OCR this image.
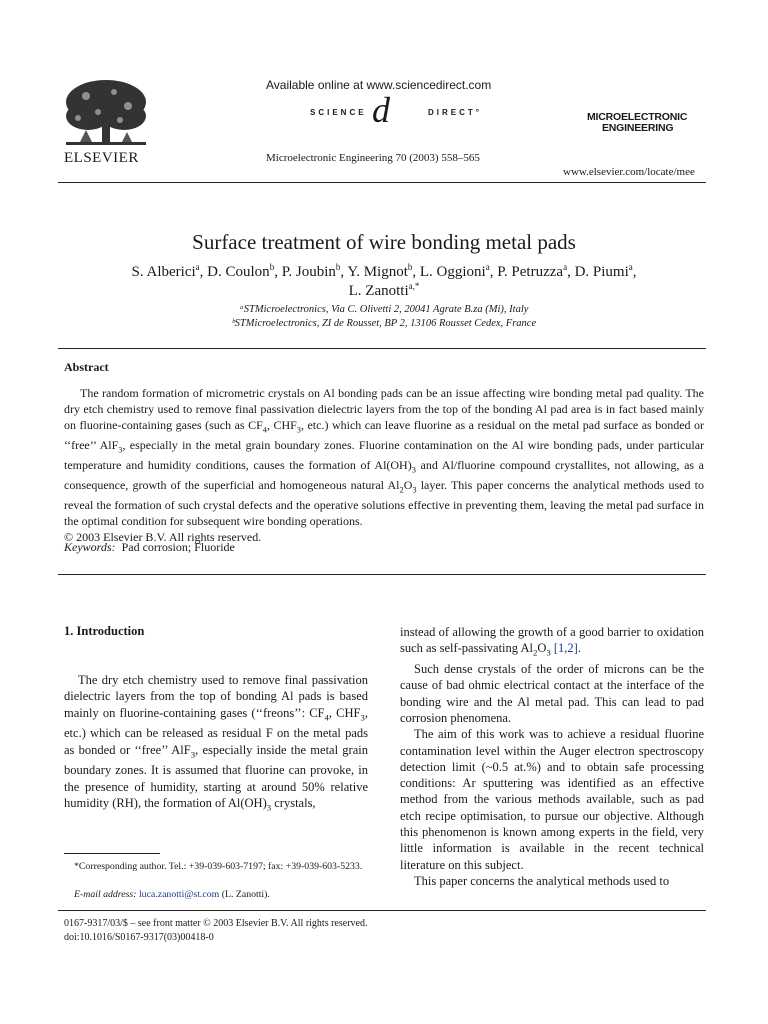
ELSEVIER
Available online at www.sciencedirect.com
SCIENCE d	DIRECT°
Microelectronic Engineering 70 (2003) 558–565
MICROELECTRONIC
ENGINEERING
www.elsevier.com/locate/mee
Surface treatment of wire bonding metal pads
S. Alberici$^a$, D. Coulon$^b$, P. Joubin$^b$, Y. Mignot$^b$, L. Oggioni$^a$, P. Petruzza$^a$, D. Piumi$^a$,
L. Zanotti$^{a,*}$
ᵃSTMicroelectronics, Via C. Olivetti 2, 20041 Agrate B.za (Mi), Italy
ᵇSTMicroelectronics, ZI de Rousset, BP 2, 13106 Rousset Cedex, France
Abstract
The random formation of micrometric crystals on Al bonding pads can be an issue affecting wire bonding metal pad quality. The dry etch chemistry used to remove final passivation dielectric layers from the top of the bonding Al pad area is in fact based mainly on fluorine-containing gases (such as $CF_4$, $CHF_3$, etc.) which can leave fluorine as a residual on the metal pad surface as bonded or ‘‘free’’ AlF$_3$, especially in the metal grain boundary zones. Fluorine contamination on the Al wire bonding pads, under particular temperature and humidity conditions, causes the formation of $Al(OH)_3$ and Al/fluorine compound crystallites, not allowing, as a consequence, growth of the superficial and homogeneous natural $Al_2O_3$ layer. This paper concerns the analytical methods used to reveal the formation of such crystal defects and the operative solutions effective in preventing them, leaving the metal pad surface in the optimal condition for subsequent wire bonding operations.
© 2003 Elsevier B.V. All rights reserved.
Keywords: Pad corrosion; Fluoride
1. Introduction
The dry etch chemistry used to remove final passivation dielectric layers from the top of bonding Al pads is based mainly on fluorine-containing gases (‘‘freons’’: $CF_4$, $CHF_3$, etc.) which can be released as residual F on the metal pads as bonded or ‘‘free’’ AlF$_3$, especially inside the metal grain boundary zones. It is assumed that fluorine can provoke, in the presence of humidity, starting at around 50% relative humidity (RH), the formation of $Al(OH)_3$ crystals,
*Corresponding author. Tel.: +39-039-603-7197; fax: +39-039-603-5233.
E-mail address: luca.zanotti@st.com (L. Zanotti).

instead of allowing the growth of a good barrier to oxidation such as self-passivating $Al_2O_3$ [1,2].

Such dense crystals of the order of microns can be the cause of bad ohmic electrical contact at the interface of the bonding wire and the Al metal pad. This can lead to pad corrosion phenomena.

The aim of this work was to achieve a residual fluorine contamination level within the Auger electron spectroscopy detection limit (~0.5 at.%) and to obtain safe processing conditions: Ar sputtering was identified as an effective method from the various methods available, such as pad etch recipe optimisation, to pursue our objective. Although this phenomenon is known among experts in the field, very little information is available in the recent technical literature on this subject.

This paper concerns the analytical methods used to

0167-9317/03/$ – see front matter © 2003 Elsevier B.V. All rights reserved.
doi:10.1016/S0167-9317(03)00418-0
